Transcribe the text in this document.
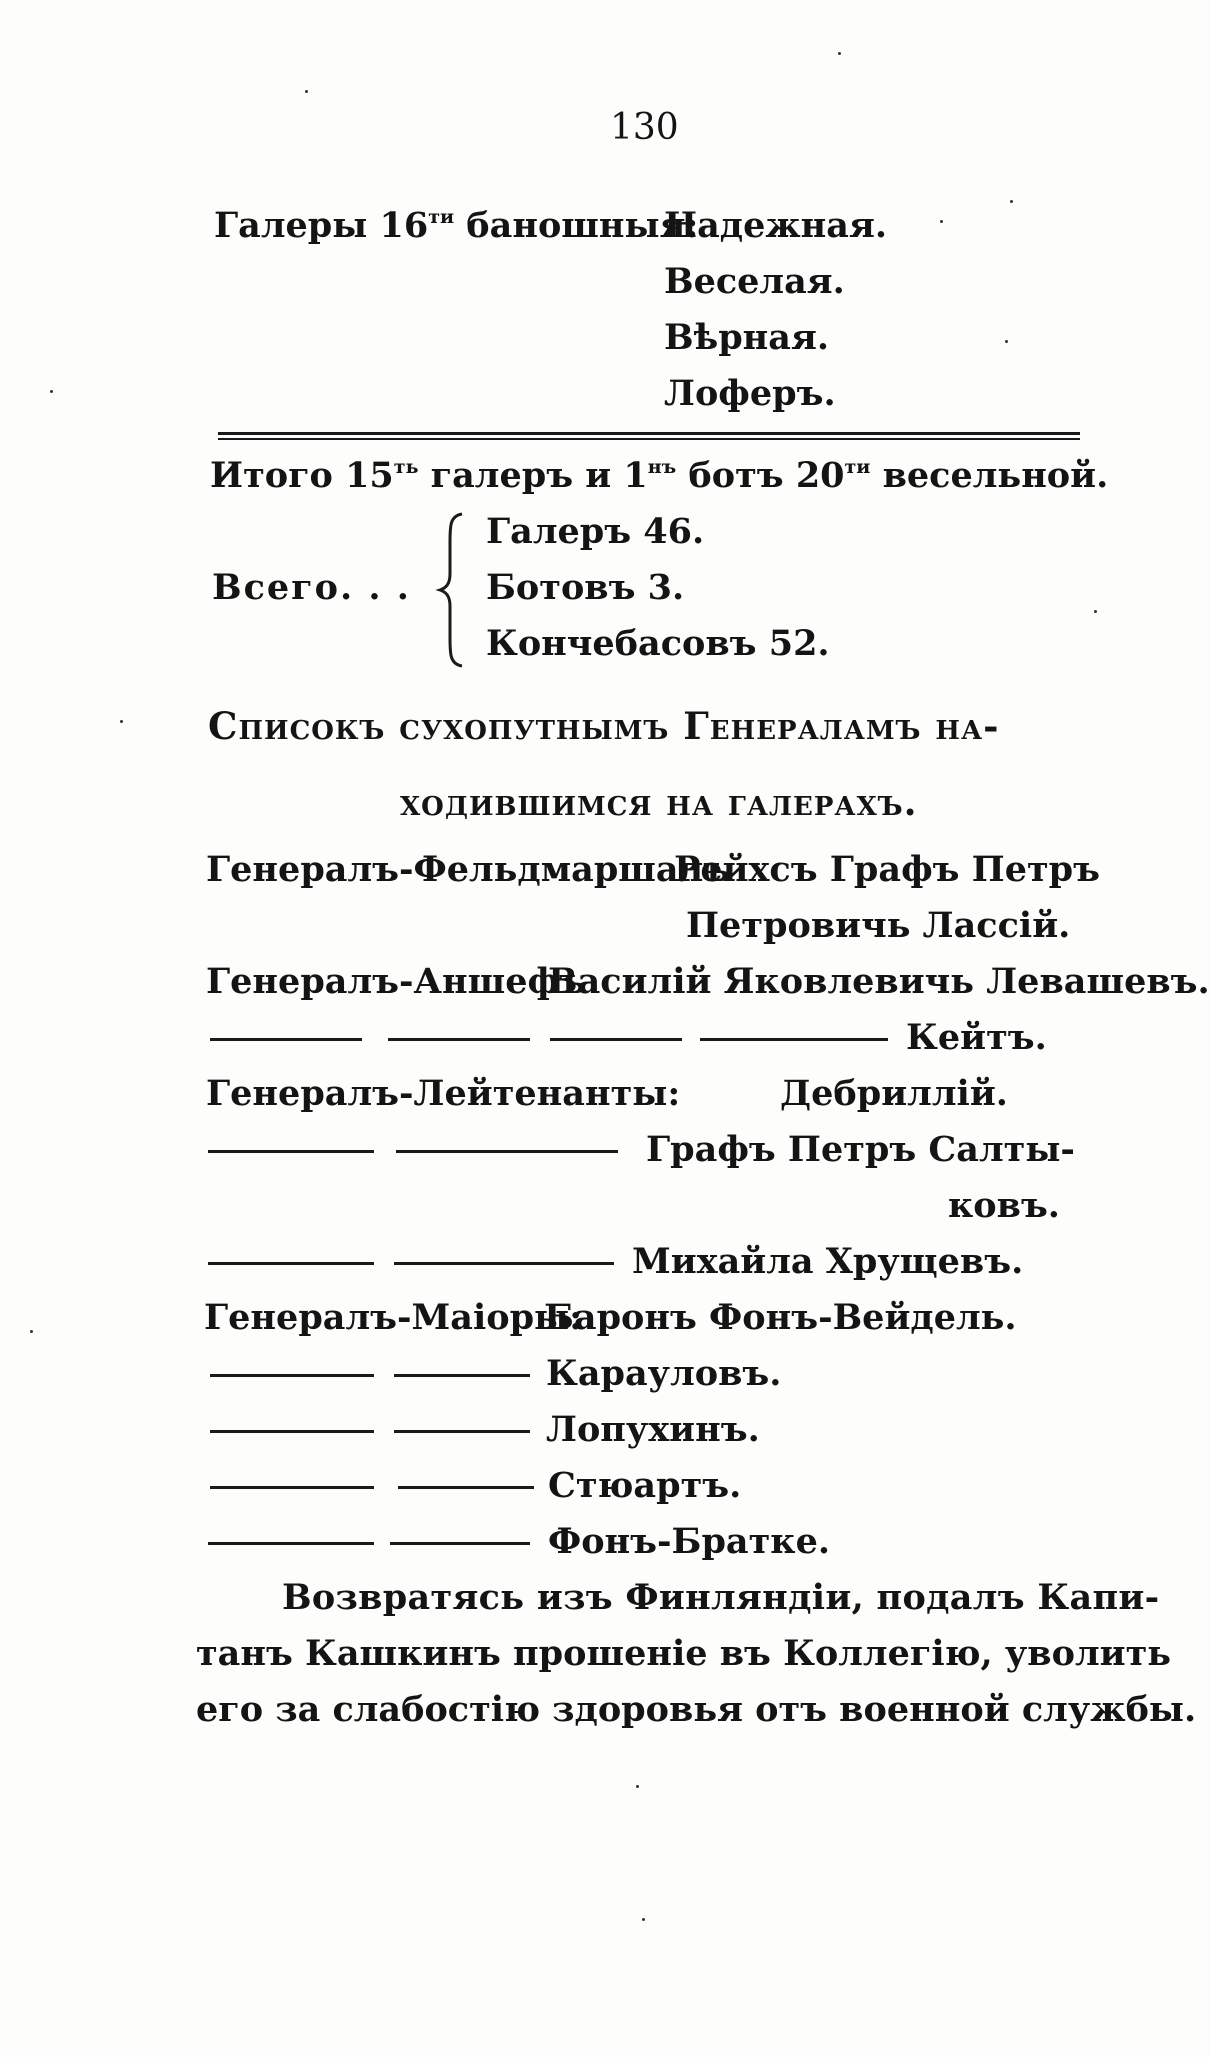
130
Галеры $16^{ти}$ баношныя:
Надежная.
Веселая.
Вѣрная.
Лоферъ.
Итого $15^{ть}$ галеръ и $1^{нъ}$ ботъ $20^{ти}$ весельной.
Всего. . .
Галеръ 46.
Ботовъ 3.
Кончебасовъ 52.
Списокъ сухопутнымъ Генераламъ на-
ходившимся на галерахъ.
Генералъ-Фельдмаршалъ
Рейхсъ Графъ Петръ
Петровичь Лассій.
Генералъ-Аншефъ
Василій Яковлевичь Левашевъ.
Кейтъ.
Генералъ-Лейтенанты:	Дебриллій.
Графъ Петръ Салты-
ковъ.
Михайла Хрущевъ.
Генералъ-Маіоры:
Баронъ Фонъ-Вейдель.
Карауловъ.
Лопухинъ.
Стюартъ.
Фонъ-Братке.
Возвратясь изъ Финляндіи, подалъ Капи-
танъ Кашкинъ прошеніе въ Коллегію, уволить
его за слабостію здоровья отъ военной службы.
